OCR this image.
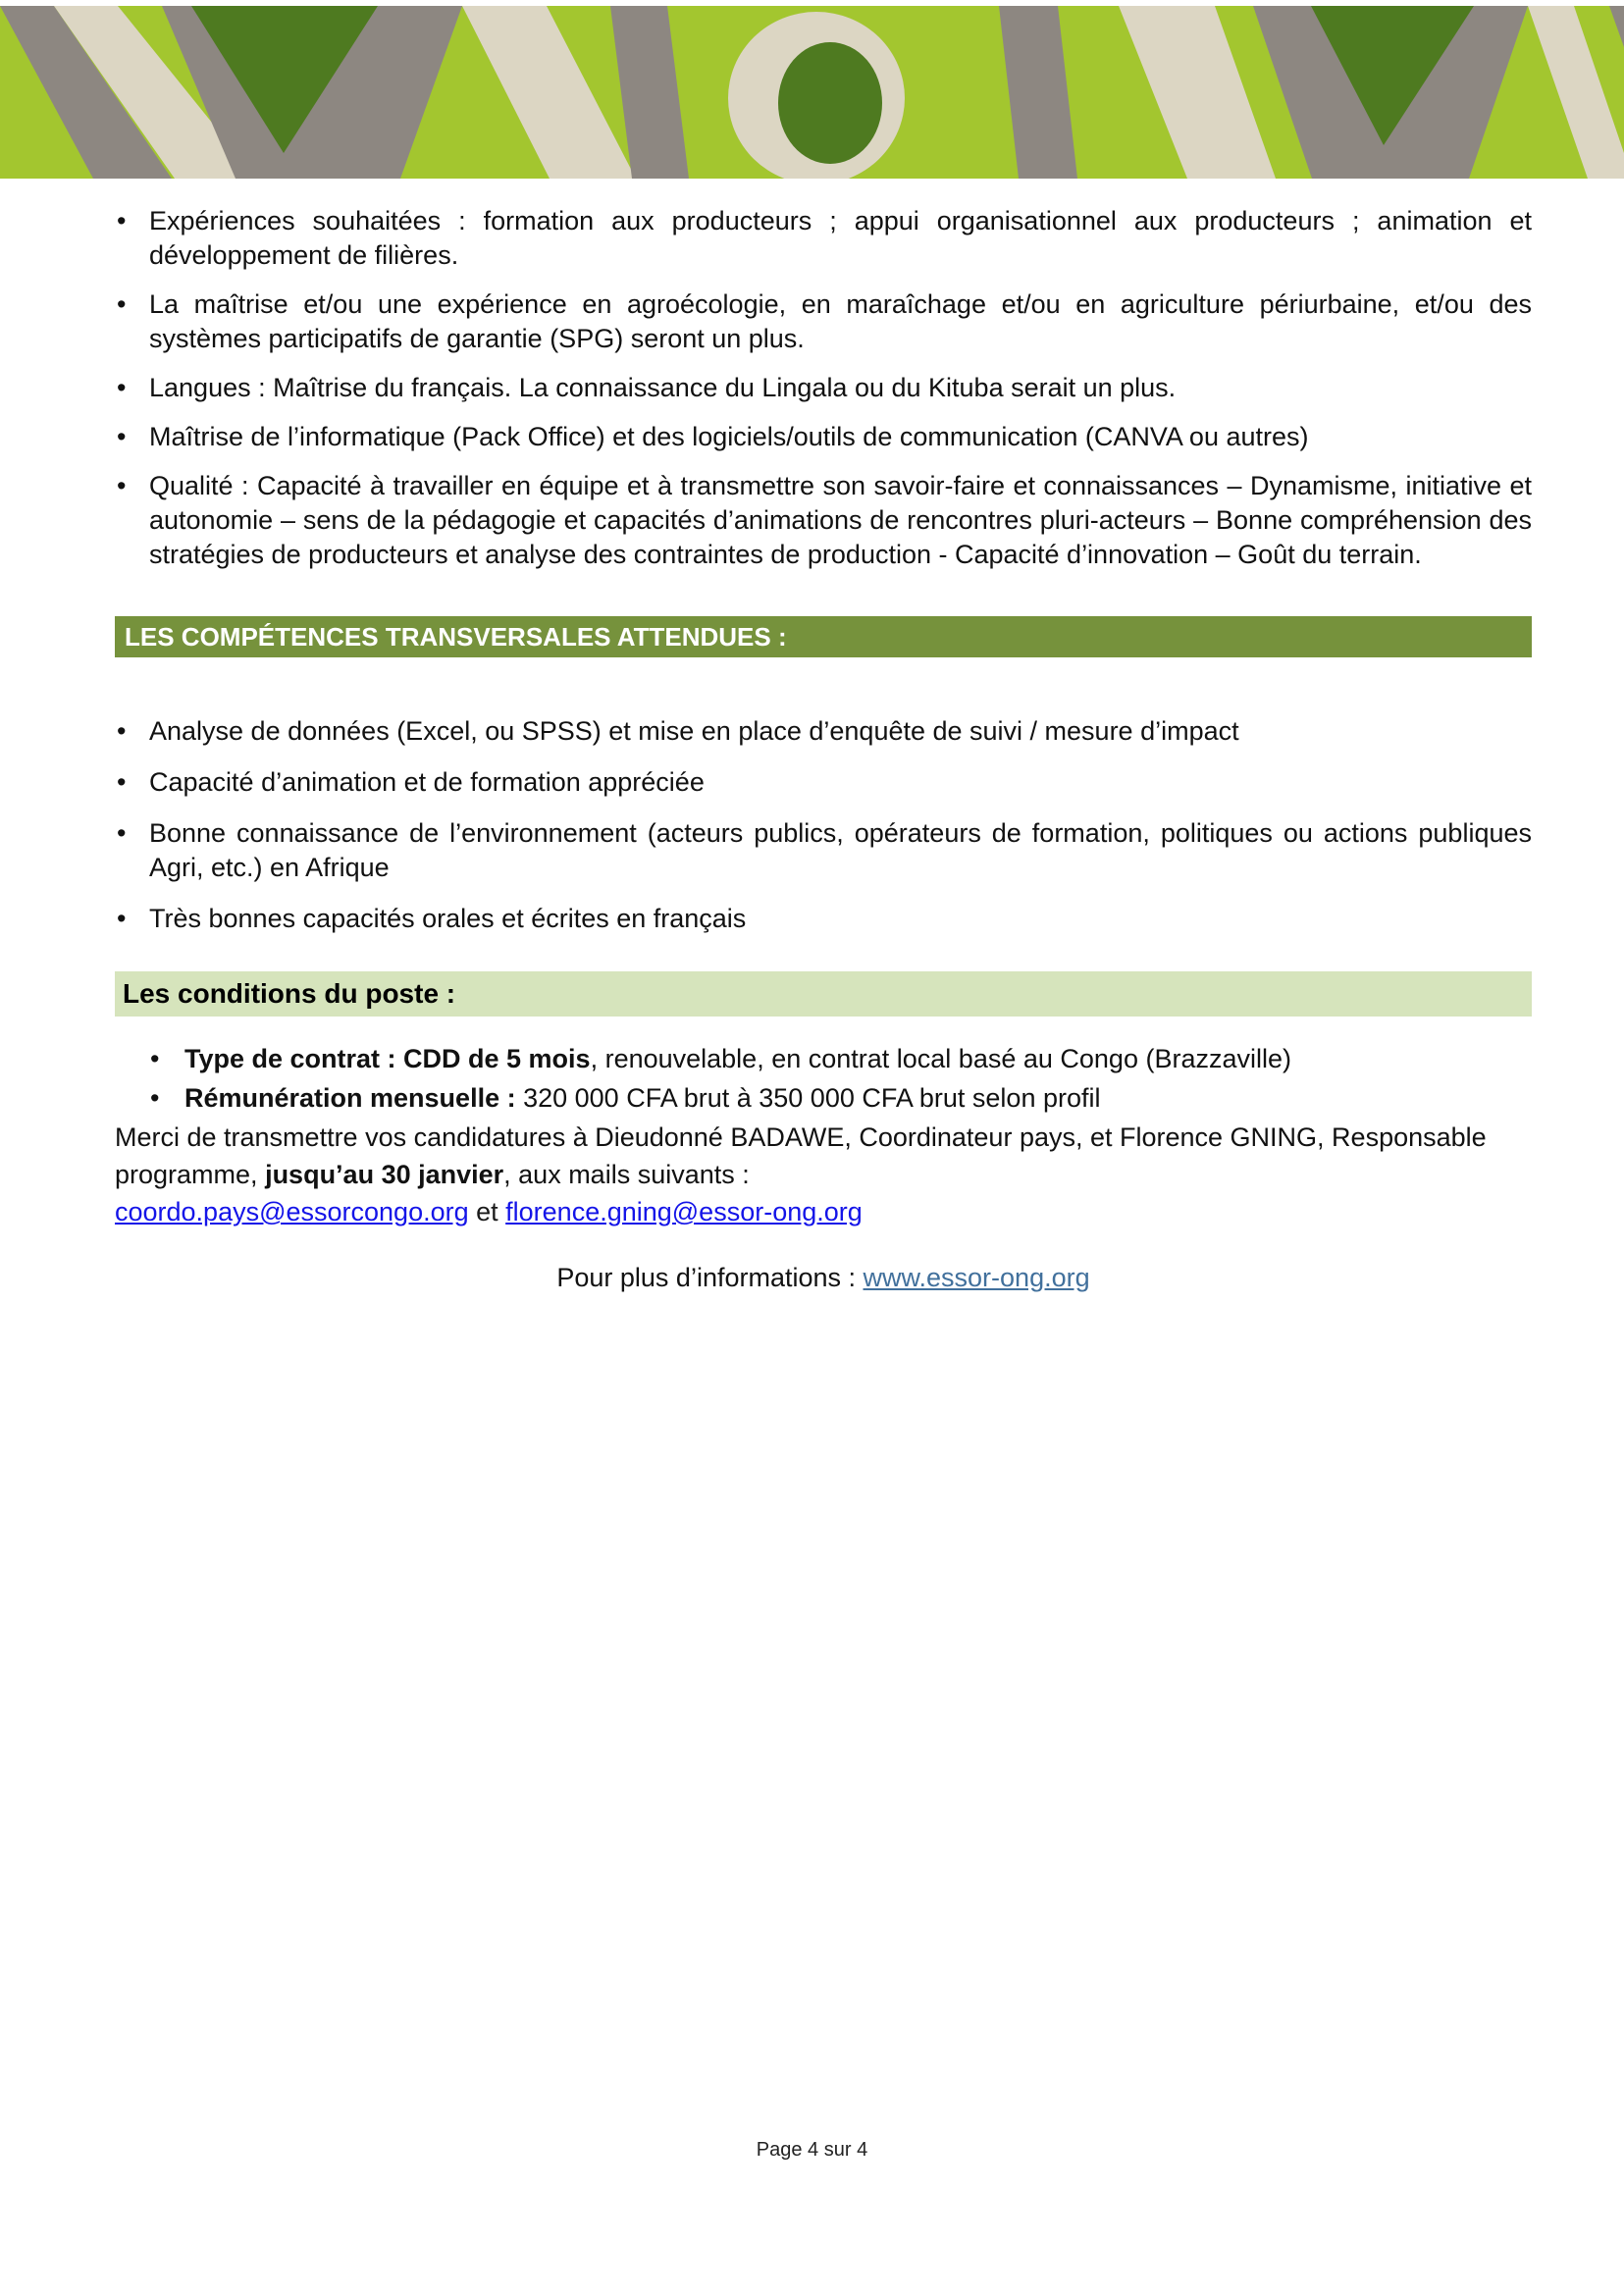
• Expériences souhaitées : formation aux producteurs ; appui organisationnel aux producteurs ; animation et développement de filières.
• La maîtrise et/ou une expérience en agroécologie, en maraîchage et/ou en agriculture périurbaine, et/ou des systèmes participatifs de garantie (SPG) seront un plus.
• Langues : Maîtrise du français. La connaissance du Lingala ou du Kituba serait un plus.
• Maîtrise de l’informatique (Pack Office) et des logiciels/outils de communication (CANVA ou autres)
• Qualité : Capacité à travailler en équipe et à transmettre son savoir-faire et connaissances – Dynamisme, initiative et autonomie – sens de la pédagogie et capacités d’animations de rencontres pluri-acteurs – Bonne compréhension des stratégies de producteurs et analyse des contraintes de production - Capacité d’innovation – Goût du terrain.
LES COMPÉTENCES TRANSVERSALES ATTENDUES :
• Analyse de données (Excel, ou SPSS) et mise en place d’enquête de suivi / mesure d’impact
• Capacité d’animation et de formation appréciée
• Bonne connaissance de l’environnement (acteurs publics, opérateurs de formation, politiques ou actions publiques Agri, etc.) en Afrique
• Très bonnes capacités orales et écrites en français
Les conditions du poste :
• Type de contrat : CDD de 5 mois, renouvelable, en contrat local basé au Congo (Brazzaville)
• Rémunération mensuelle : 320 000 CFA brut à 350 000 CFA brut selon profil

Merci de transmettre vos candidatures à Dieudonné BADAWE, Coordinateur pays, et Florence GNING, Responsable programme, jusqu’au 30 janvier, aux mails suivants :

coordo.pays@essorcongo.org et florence.gning@essor-ong.org

Pour plus d’informations : www.essor-ong.org

Page 4 sur 4
